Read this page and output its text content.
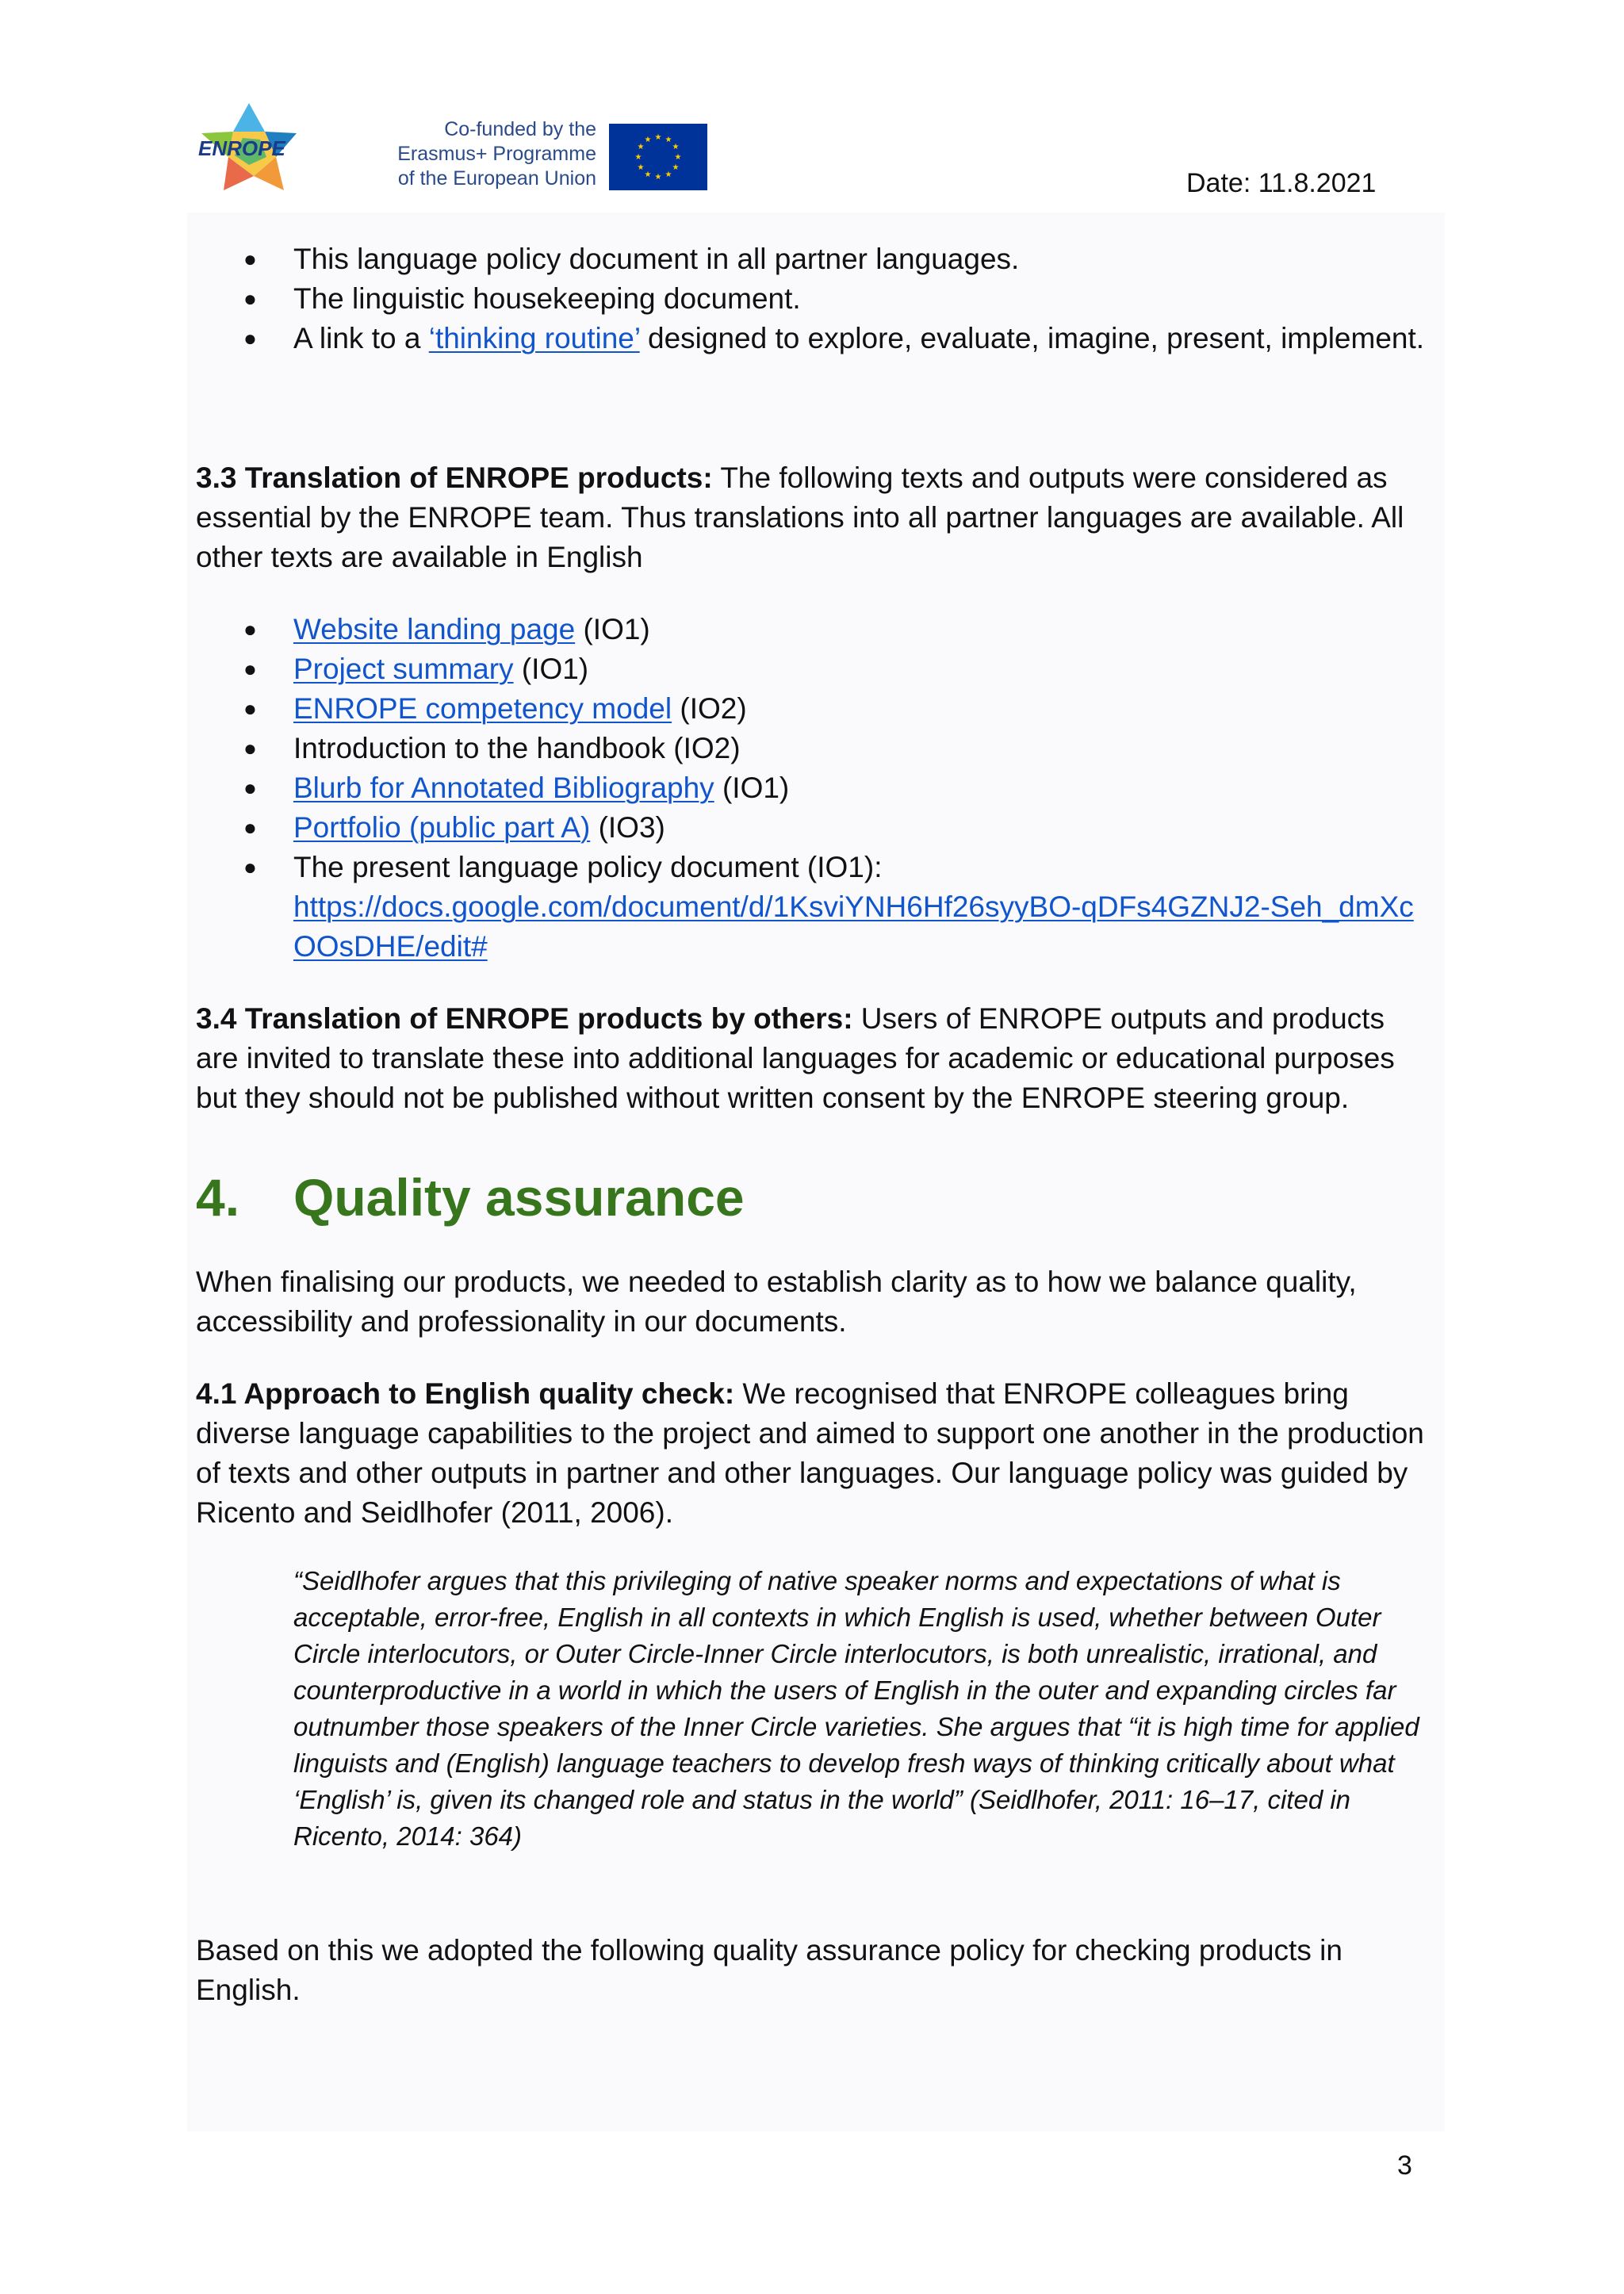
ENROPE
Co-funded by the
Erasmus+ Programme
of the European Union
★ ★
★
★
★
★
★
★
★
★
★
★
Date: 11.8.2021
● This language policy document in all partner languages.
● The linguistic housekeeping document.
● A link to a ‘thinking routine’ designed to explore, evaluate, imagine, present, implement.

3.3 Translation of ENROPE products: The following texts and outputs were considered as essential by the ENROPE team. Thus translations into all partner languages are available. All other texts are available in English

● Website landing page (IO1)
● Project summary (IO1)
● ENROPE competency model (IO2)
● Introduction to the handbook (IO2)
● Blurb for Annotated Bibliography (IO1)
● Portfolio (public part A) (IO3)
● The present language policy document (IO1):
https://docs.google.com/document/d/1KsviYNH6Hf26syyBO-qDFs4GZNJ2-Seh_dmXcOOsDHE/edit#

3.4 Translation of ENROPE products by others: Users of ENROPE outputs and products are invited to translate these into additional languages for academic or educational purposes but they should not be published without written consent by the ENROPE steering group.

4.	Quality assurance

When finalising our products, we needed to establish clarity as to how we balance quality, accessibility and professionality in our documents.

4.1 Approach to English quality check: We recognised that ENROPE colleagues bring diverse language capabilities to the project and aimed to support one another in the production of texts and other outputs in partner and other languages. Our language policy was guided by Ricento and Seidlhofer (2011, 2006).

“Seidlhofer argues that this privileging of native speaker norms and expectations of what is acceptable, error-free, English in all contexts in which English is used, whether between Outer Circle interlocutors, or Outer Circle-Inner Circle interlocutors, is both unrealistic, irrational, and counterproductive in a world in which the users of English in the outer and expanding circles far outnumber those speakers of the Inner Circle varieties. She argues that “it is high time for applied linguists and (English) language teachers to develop fresh ways of thinking critically about what ‘English’ is, given its changed role and status in the world” (Seidlhofer, 2011: 16–17, cited in Ricento, 2014: 364)

Based on this we adopted the following quality assurance policy for checking products in English.

3
